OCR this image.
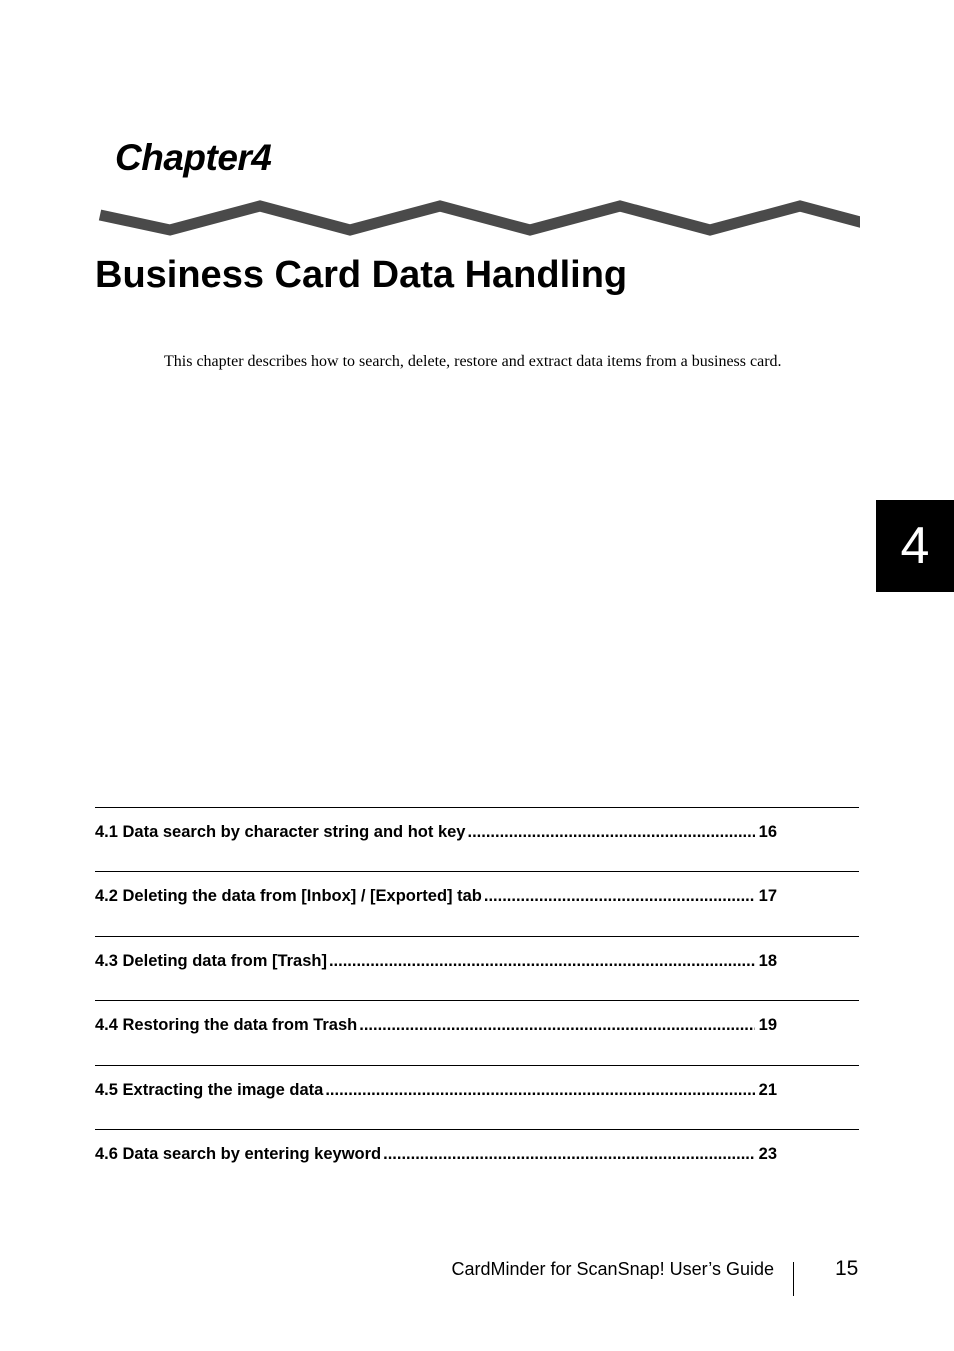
Chapter4
Business Card Data Handling

This chapter describes how to search, delete, restore and extract data items from a business card.

4
4.1 Data search by character string and hot key .....	16
4.2 Deleting the data from [Inbox] / [Exported] tab .....	17
4.3 Deleting data from [Trash] .....	18
4.4 Restoring the data from Trash .....	19
4.5 Extracting the image data .....	21
4.6 Data search by entering keyword .....	23
CardMinder for ScanSnap! User’s Guide	15
